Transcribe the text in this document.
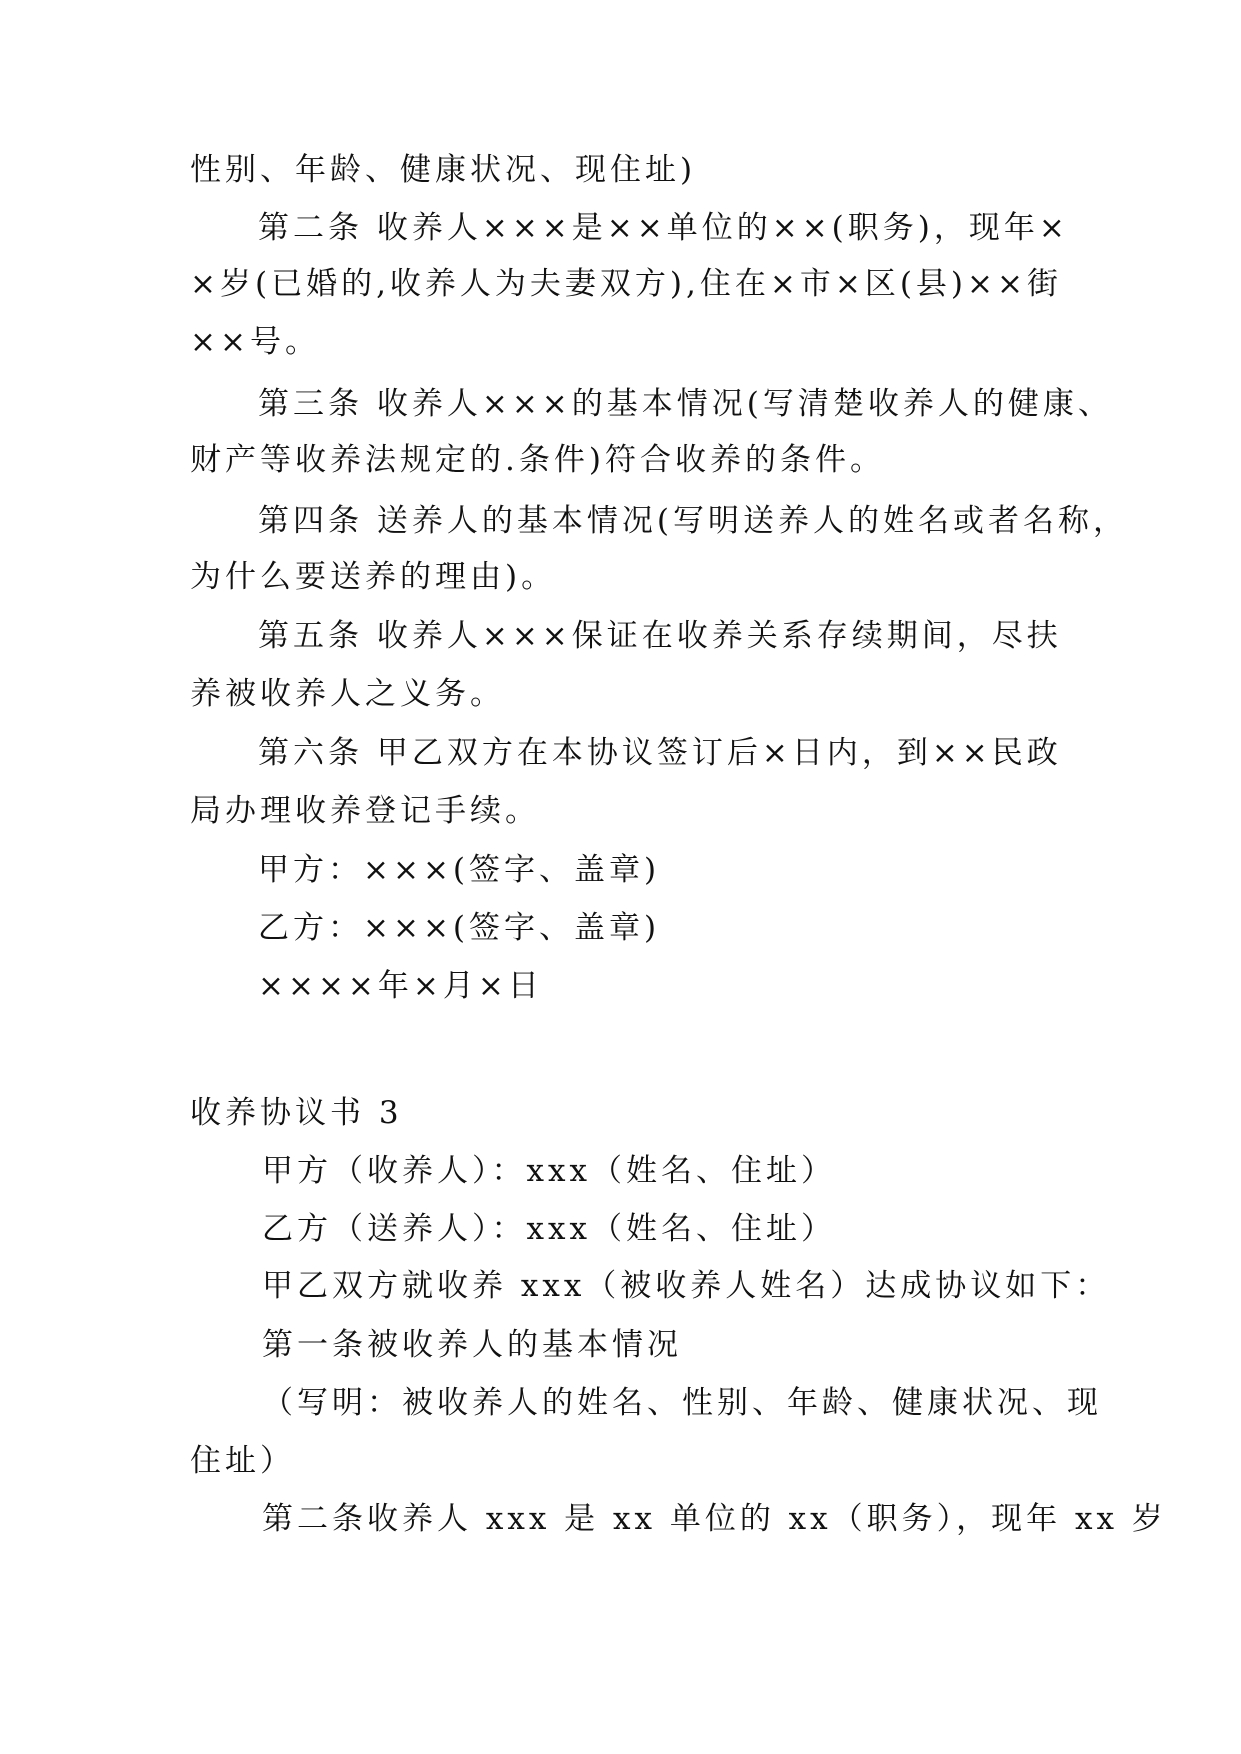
性别、年龄、健康状况、现住址)
第二条 收养人×××是××单位的××(职务)，现年×
×岁(已婚的,收养人为夫妻双方),住在×市×区(县)××街
××号。
第三条 收养人×××的基本情况(写清楚收养人的健康、
财产等收养法规定的.条件)符合收养的条件。
第四条 送养人的基本情况(写明送养人的姓名或者名称，
为什么要送养的理由)。
第五条 收养人×××保证在收养关系存续期间，尽扶
养被收养人之义务。
第六条 甲乙双方在本协议签订后×日内，到××民政
局办理收养登记手续。
甲方：×××(签字、盖章)
乙方：×××(签字、盖章)
××××年×月×日
收养协议书 3
甲方（收养人）：xxx（姓名、住址）
乙方（送养人）：xxx（姓名、住址）
甲乙双方就收养 xxx（被收养人姓名）达成协议如下：
第一条被收养人的基本情况
（写明：被收养人的姓名、性别、年龄、健康状况、现
住址）
第二条收养人 xxx 是 xx 单位的 xx（职务），现年 xx 岁
